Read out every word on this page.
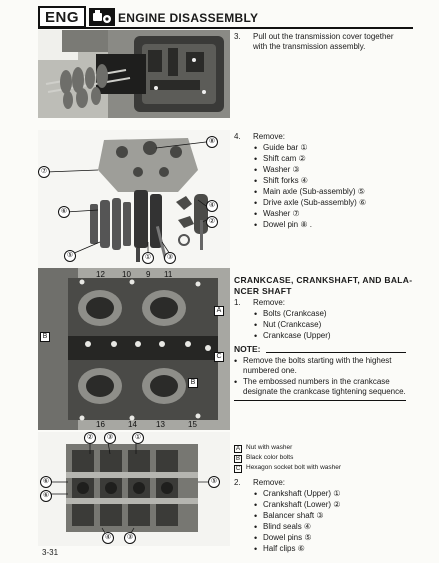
ENG	ENGINE DISASSEMBLY
⑧
⑦
⑥
④
⑤
②
①	③
12 10 9 11
16	14 13	15
B
A
C
B
②	③	①
⑥
⑥
⑤
④	③
3-31
3. Pull out the transmission cover together
with the transmission assembly.
4. Remove:
• Guide bar ①
• Shift cam ②
• Washer ③
• Shift forks ④
• Main axle (Sub-assembly) ⑤
• Drive axle (Sub-assembly) ⑥
• Washer ⑦
• Dowel pin ⑧ .
CRANKCASE, CRANKSHAFT, AND BALA-
NCER SHAFT
1. Remove:
• Bolts (Crankcase)
• Nut (Crankcase)
• Crankcase (Upper)
NOTE:
• Remove the bolts starting with the highest
numbered one.
• The embossed numbers in the crankcase
designate the crankcase tightening sequence.
A Nut with washer
B Black color bolts
C Hexagon socket bolt with washer
2. Remove:
• Crankshaft (Upper) ①
• Crankshaft (Lower) ②
• Balancer shaft ③
• Blind seals ④
• Dowel pins ⑤
• Half clips ⑥
